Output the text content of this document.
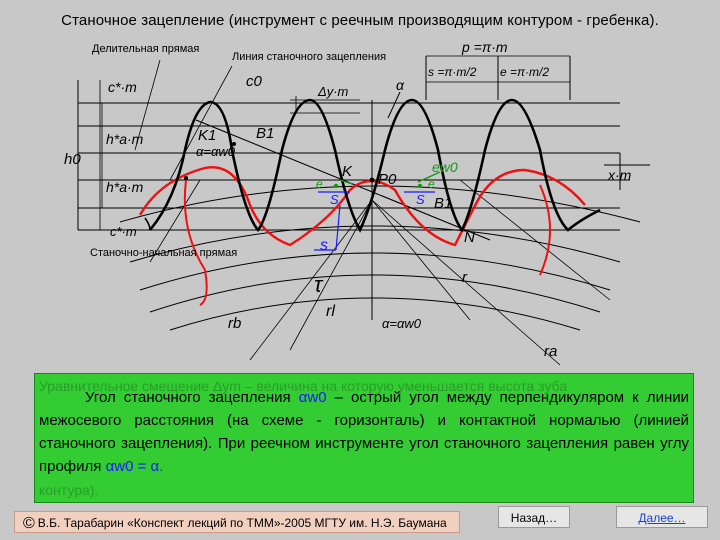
Станочное зацепление (инструмент с реечным производящим контуром - гребенка).
Делительная прямая
Линия станочного зацепления
Станочно-начальная прямая
p =π·m
s =π·m/2 e =π·m/2
α
c*·m	c0
Δy·m
h*a·m
h*a·m
h0
c*·m
x·m
K1	B1
α=αw0
K P0
B1
N
ew0
e	e
S	S
s
τ	r
rb
rl
α=αw0
ra
Уравнительное смещение Δym – величина на которую уменьшается высота зуба
Угол станочного зацепления αw0 – острый угол между перпендикуляром к линии межосевого расстояния (на схеме - горизонталь) и контактной нормалью (линией станочного зацепления). При реечном инструменте угол станочного зацепления равен углу профиля αw0 = α.
контура).
© В.Б. Тарабарин «Конспект лекций по ТММ»-2005 МГТУ им. Н.Э. Баумана	Назад…	Далее…
